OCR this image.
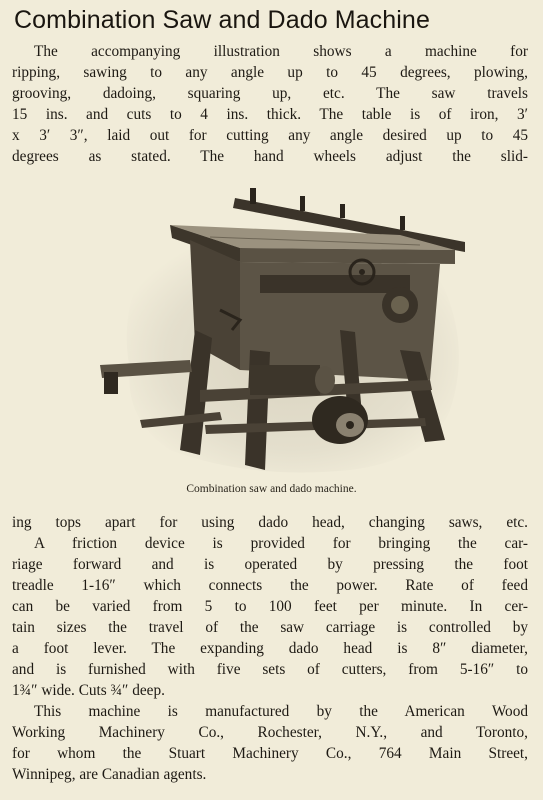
Combination Saw and Dado Machine
The accompanying illustration shows a machine for
ripping, sawing to any angle up to 45 degrees, plowing,
grooving, dadoing, squaring up, etc. The saw travels
15 ins. and cuts to 4 ins. thick. The table is of iron, 3′
x 3′ 3″, laid out for cutting any angle desired up to 45
degrees as stated. The hand wheels adjust the slid-
Combination saw and dado machine.
ing tops apart for using dado head, changing saws, etc.
A friction device is provided for bringing the car-
riage forward and is operated by pressing the foot
treadle 1-16″ which connects the power. Rate of feed
can be varied from 5 to 100 feet per minute. In cer-
tain sizes the travel of the saw carriage is controlled by
a foot lever. The expanding dado head is 8″ diameter,
and is furnished with five sets of cutters, from 5-16″ to
1¾″ wide. Cuts ¾″ deep.
This machine is manufactured by the American Wood
Working Machinery Co., Rochester, N.Y., and Toronto,
for whom the Stuart Machinery Co., 764 Main Street,
Winnipeg, are Canadian agents.
